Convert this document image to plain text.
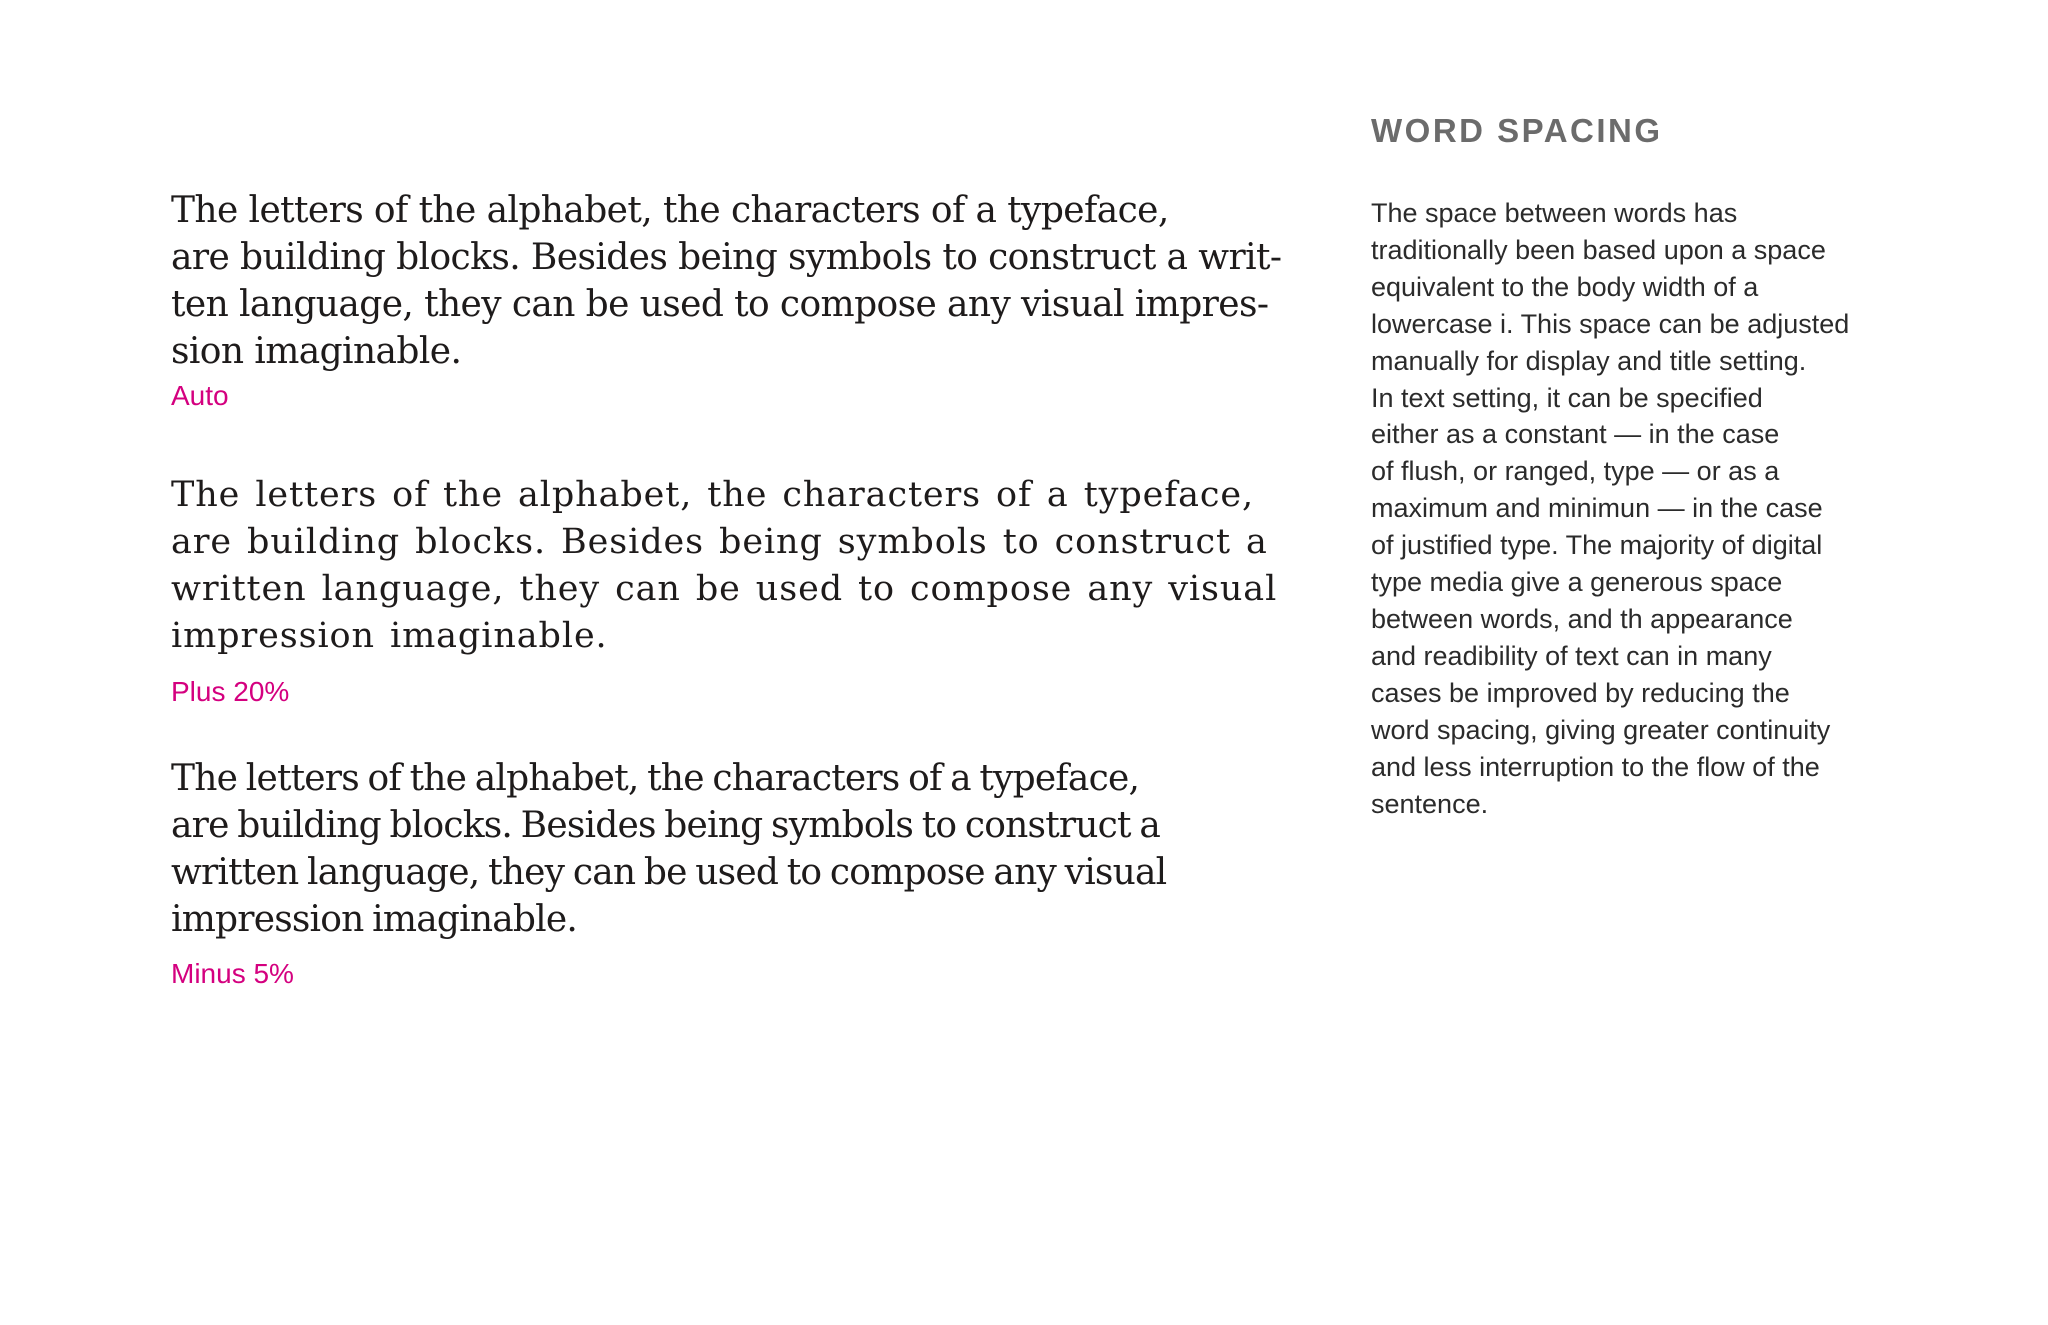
The letters of the alphabet, the characters of a typeface,
are building blocks. Besides being symbols to construct a writ-
ten language, they can be used to compose any visual impres-
sion imaginable.

Auto

The letters of the alphabet, the characters of a typeface,
are building blocks. Besides being symbols to construct a
written language, they can be used to compose any visual
impression imaginable.

Plus 20%

The letters of the alphabet, the characters of a typeface,
are building blocks. Besides being symbols to construct a
written language, they can be used to compose any visual
impression imaginable.

Minus 5%

WORD SPACING

The space between words has
traditionally been based upon a space
equivalent to the body width of a
lowercase i. This space can be adjusted
manually for display and title setting.
In text setting, it can be specified
either as a constant — in the case
of flush, or ranged, type — or as a
maximum and minimun — in the case
of justified type. The majority of digital
type media give a generous space
between words, and th appearance
and readibility of text can in many
cases be improved by reducing the
word spacing, giving greater continuity
and less interruption to the flow of the
sentence.
